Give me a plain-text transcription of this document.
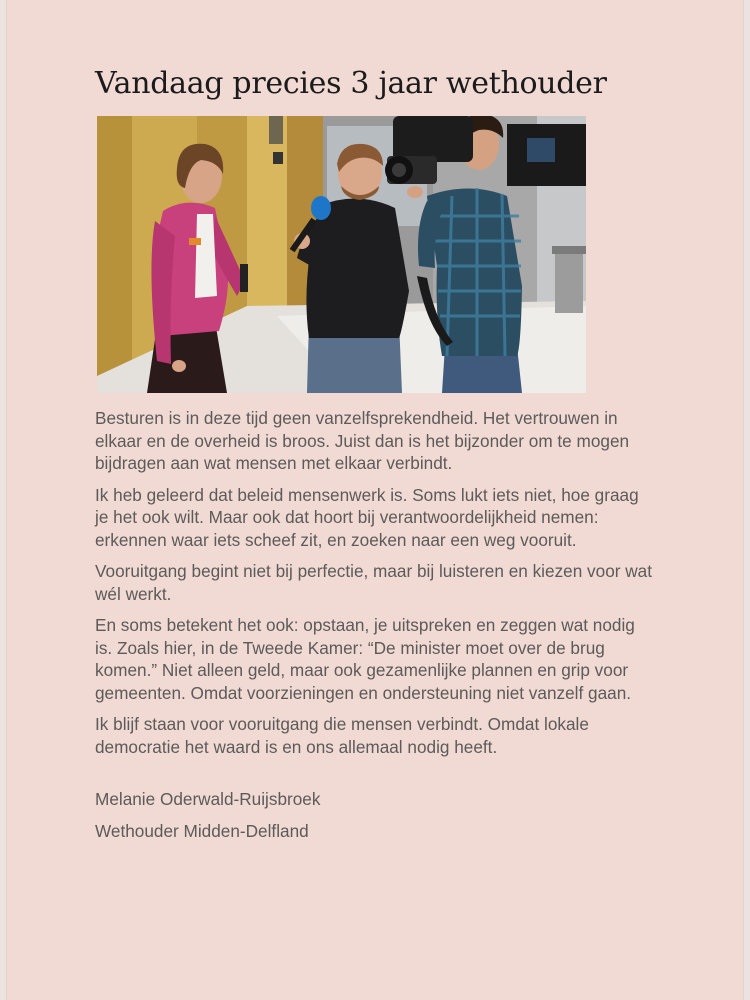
Vandaag precies 3 jaar wethouder

Besturen is in deze tijd geen vanzelfsprekendheid. Het vertrouwen in elkaar en de overheid is broos. Juist dan is het bijzonder om te mogen bijdragen aan wat mensen met elkaar verbindt.

Ik heb geleerd dat beleid mensenwerk is. Soms lukt iets niet, hoe graag je het ook wilt. Maar ook dat hoort bij verantwoordelijkheid nemen: erkennen waar iets scheef zit, en zoeken naar een weg vooruit.

Vooruitgang begint niet bij perfectie, maar bij luisteren en kiezen voor wat wél werkt.

En soms betekent het ook: opstaan, je uitspreken en zeggen wat nodig is. Zoals hier, in de Tweede Kamer: “De minister moet over de brug komen.” Niet alleen geld, maar ook gezamenlijke plannen en grip voor gemeenten. Omdat voorzieningen en ondersteuning niet vanzelf gaan.

Ik blijf staan voor vooruitgang die mensen verbindt. Omdat lokale democratie het waard is en ons allemaal nodig heeft.

Melanie Oderwald-Ruijsbroek

Wethouder Midden-Delfland
